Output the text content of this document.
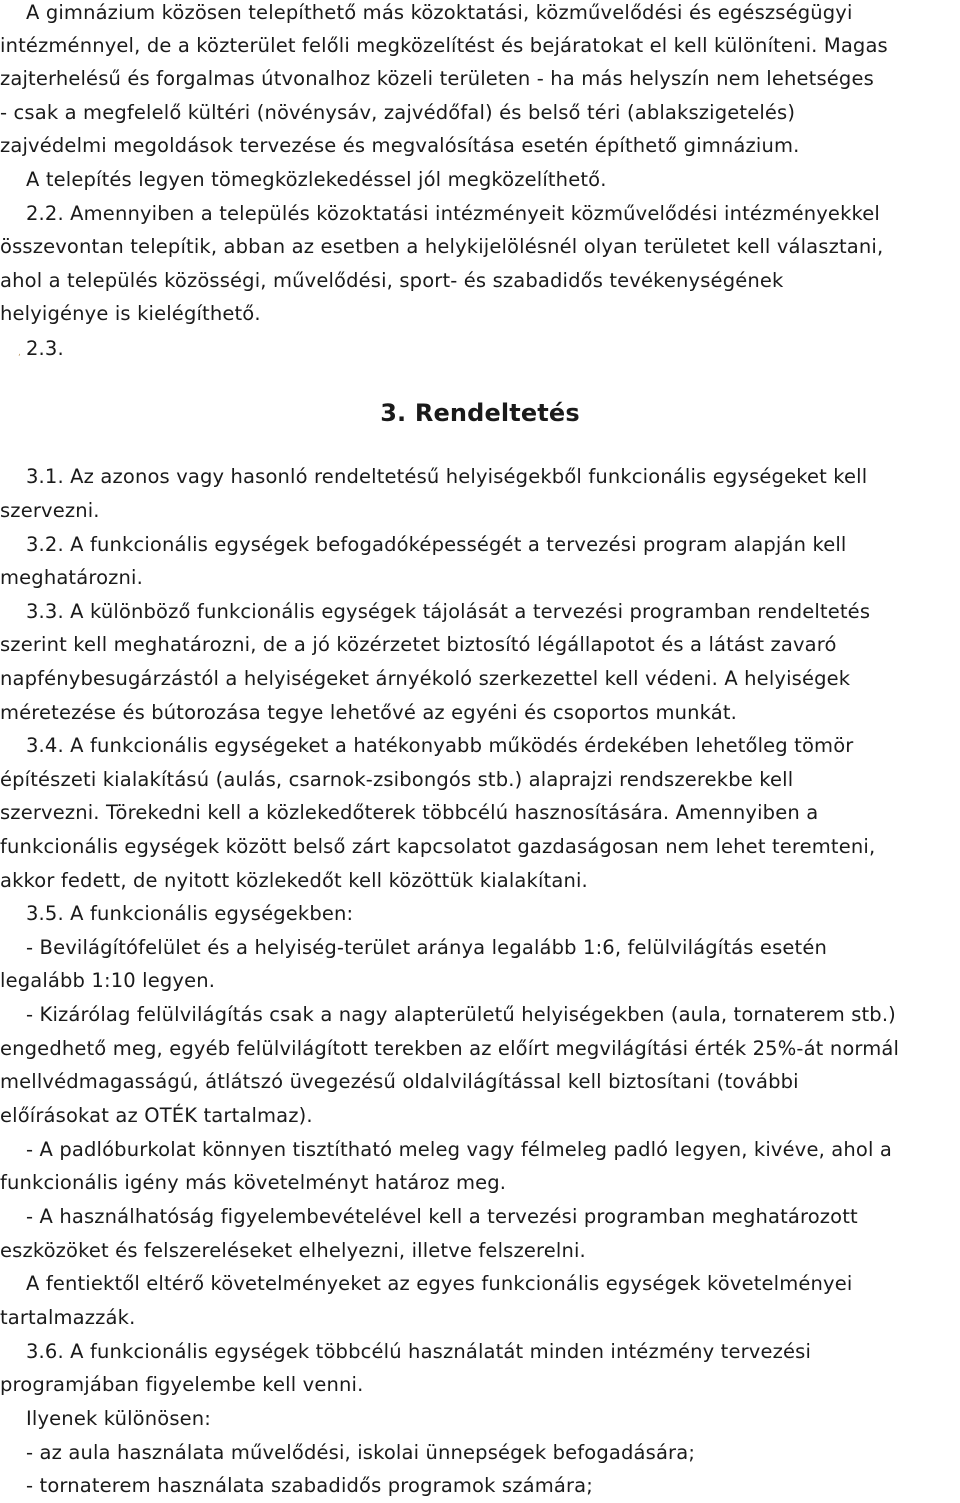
A gimnázium közösen telepíthető más közoktatási, közművelődési és egészségügyi
intézménnyel, de a közterület felőli megközelítést és bejáratokat el kell különíteni. Magas
zajterhelésű és forgalmas útvonalhoz közeli területen - ha más helyszín nem lehetséges
- csak a megfelelő kültéri (növénysáv, zajvédőfal) és belső téri (ablakszigetelés)
zajvédelmi megoldások tervezése és megvalósítása esetén építhető gimnázium.
A telepítés legyen tömegközlekedéssel jól megközelíthető.
2.2. Amennyiben a település közoktatási intézményeit közművelődési intézményekkel
összevontan telepítik, abban az esetben a helykijelölésnél olyan területet kell választani,
ahol a település közösségi, művelődési, sport- és szabadidős tevékenységének
helyigénye is kielégíthető.
, 2.3.
3. Rendeltetés
3.1. Az azonos vagy hasonló rendeltetésű helyiségekből funkcionális egységeket kell
szervezni.
3.2. A funkcionális egységek befogadóképességét a tervezési program alapján kell
meghatározni.
3.3. A különböző funkcionális egységek tájolását a tervezési programban rendeltetés
szerint kell meghatározni, de a jó közérzetet biztosító légállapotot és a látást zavaró
napfénybesugárzástól a helyiségeket árnyékoló szerkezettel kell védeni. A helyiségek
méretezése és bútorozása tegye lehetővé az egyéni és csoportos munkát.
3.4. A funkcionális egységeket a hatékonyabb működés érdekében lehetőleg tömör
építészeti kialakítású (aulás, csarnok-zsibongós stb.) alaprajzi rendszerekbe kell
szervezni. Törekedni kell a közlekedőterek többcélú hasznosítására. Amennyiben a
funkcionális egységek között belső zárt kapcsolatot gazdaságosan nem lehet teremteni,
akkor fedett, de nyitott közlekedőt kell közöttük kialakítani.
3.5. A funkcionális egységekben:
- Bevilágítófelület és a helyiség-terület aránya legalább 1:6, felülvilágítás esetén
legalább 1:10 legyen.
- Kizárólag felülvilágítás csak a nagy alapterületű helyiségekben (aula, tornaterem stb.)
engedhető meg, egyéb felülvilágított terekben az előírt megvilágítási érték 25%-át normál
mellvédmagasságú, átlátszó üvegezésű oldalvilágítással kell biztosítani (további
előírásokat az OTÉK tartalmaz).
- A padlóburkolat könnyen tisztítható meleg vagy félmeleg padló legyen, kivéve, ahol a
funkcionális igény más követelményt határoz meg.
- A használhatóság figyelembevételével kell a tervezési programban meghatározott
eszközöket és felszereléseket elhelyezni, illetve felszerelni.
A fentiektől eltérő követelményeket az egyes funkcionális egységek követelményei
tartalmazzák.
3.6. A funkcionális egységek többcélú használatát minden intézmény tervezési
programjában figyelembe kell venni.
Ilyenek különösen:
- az aula használata művelődési, iskolai ünnepségek befogadására;
- tornaterem használata szabadidős programok számára;
